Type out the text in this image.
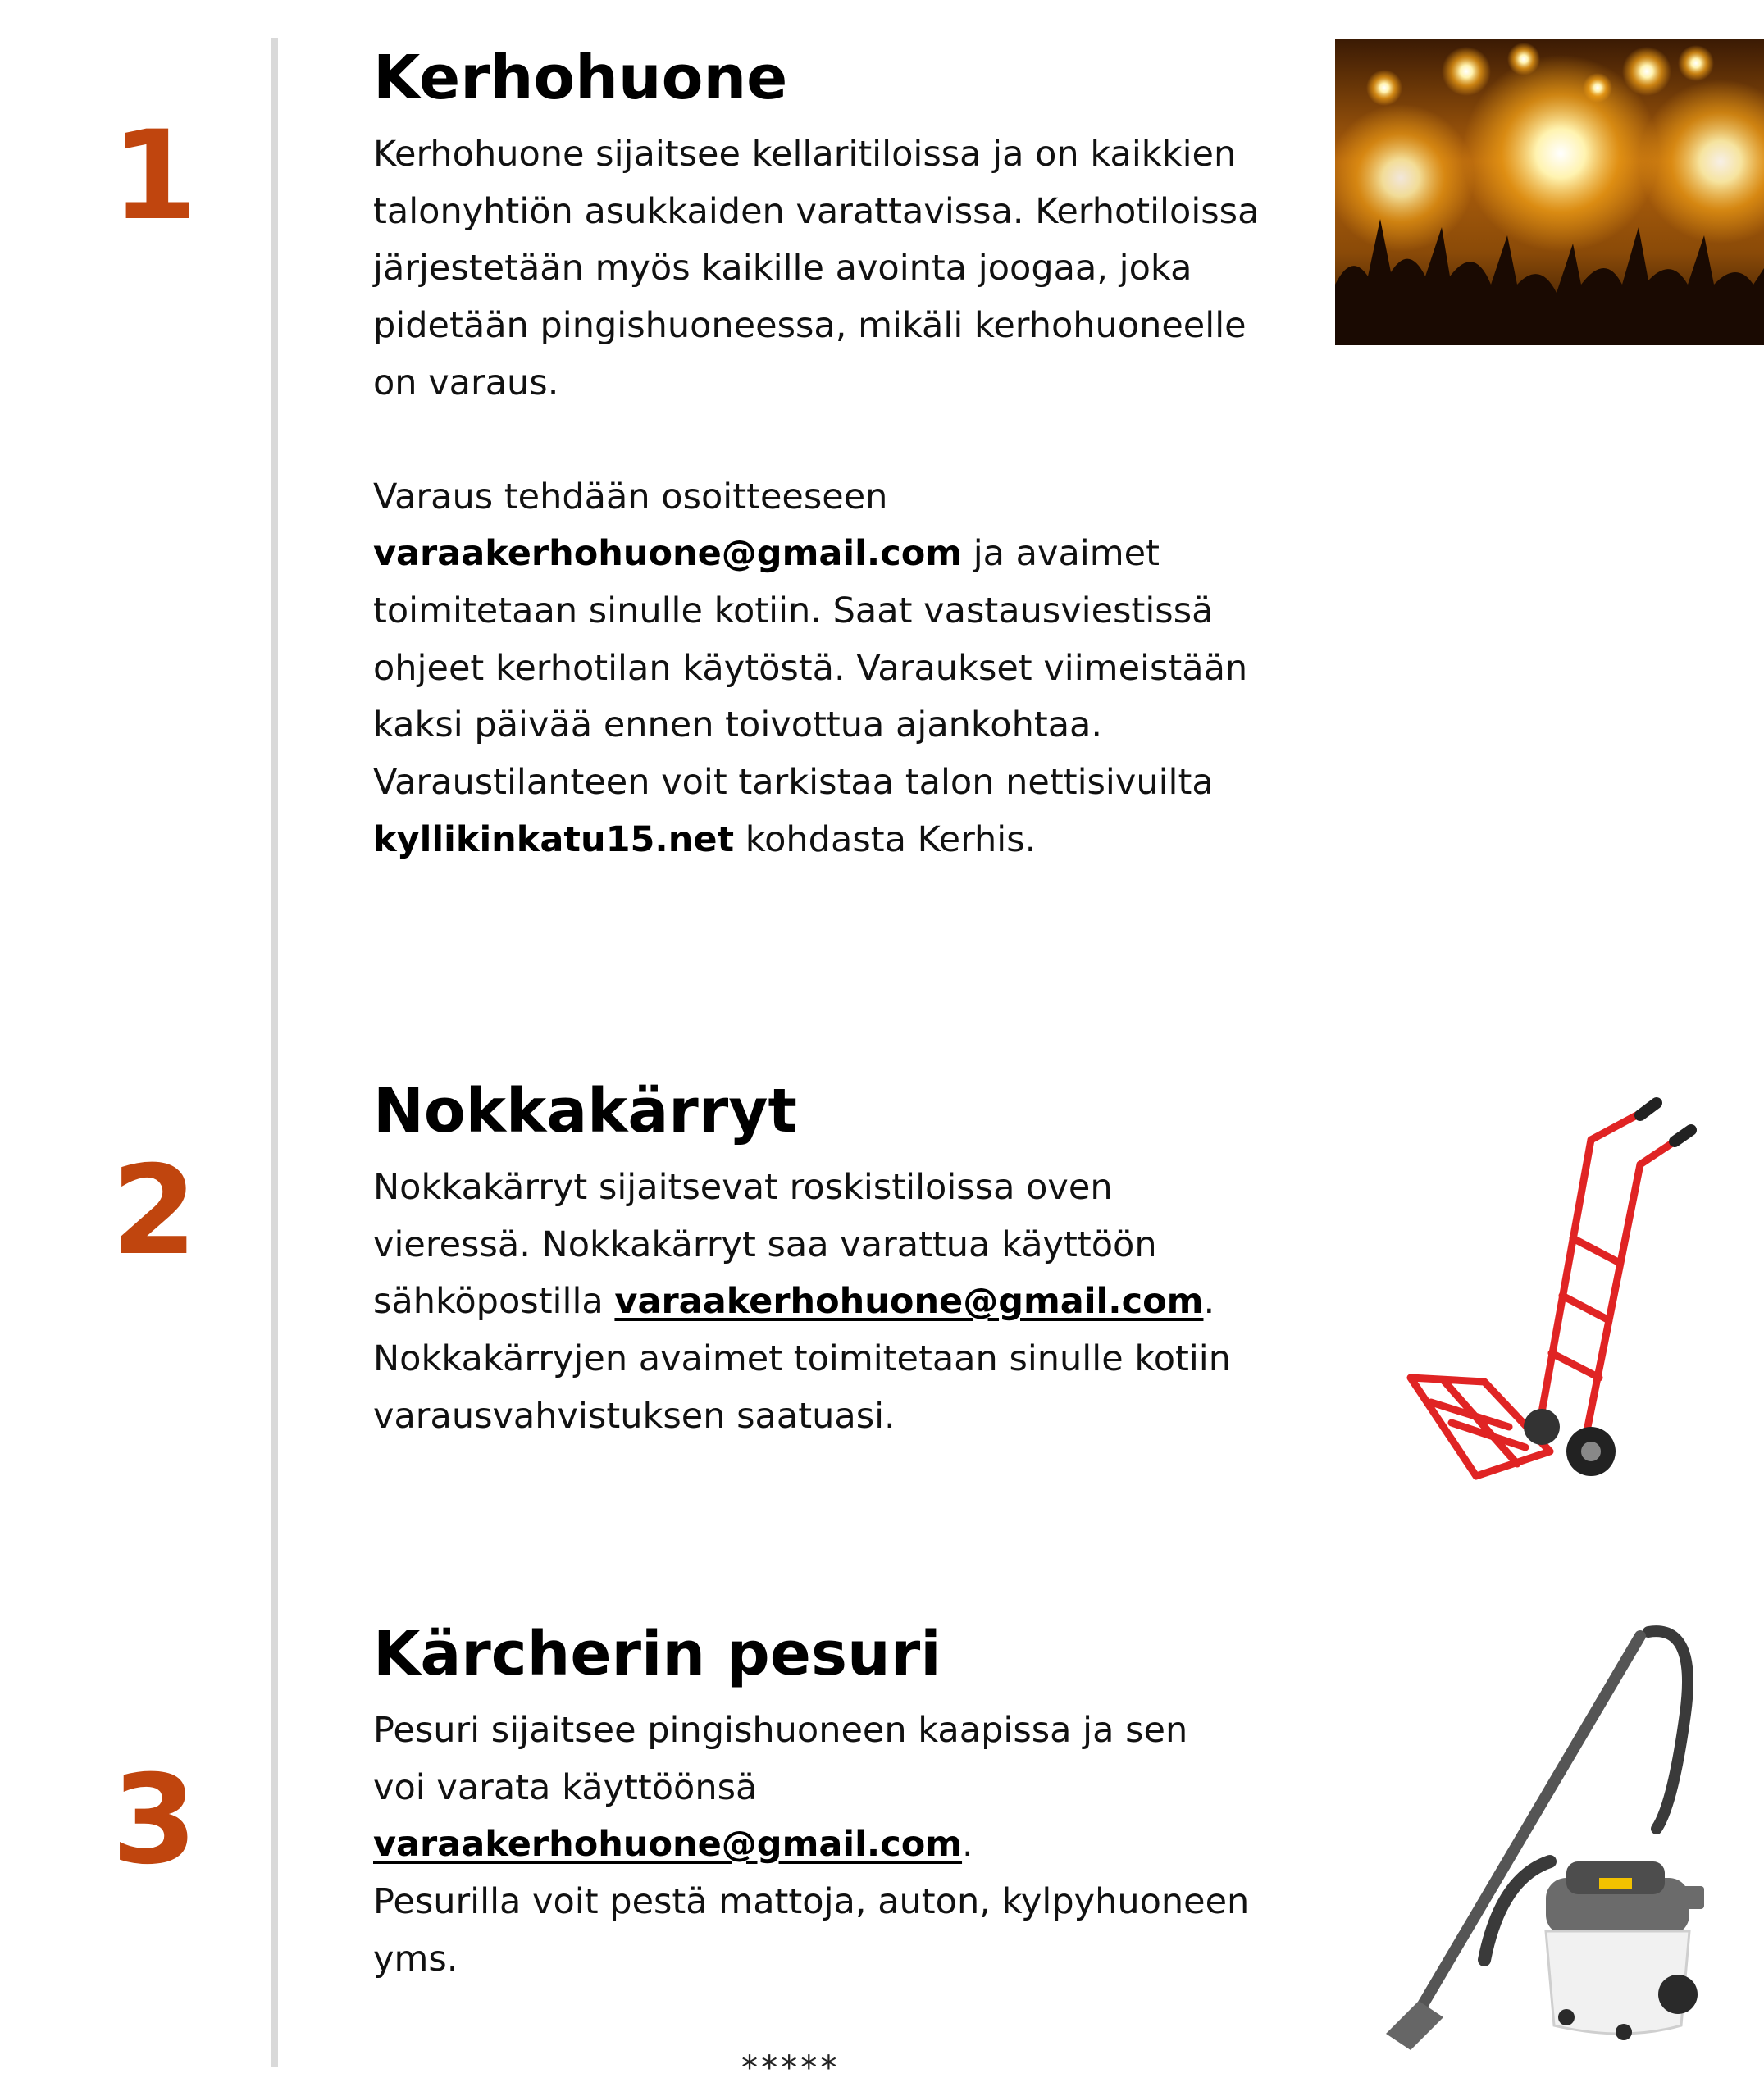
1
Kerhohuone

Kerhohuone sijaitsee kellaritiloissa ja on kaikkien talonyhtiön asukkaiden varattavissa. Kerhotiloissa järjestetään myös kaikille avointa joogaa, joka pidetään pingishuoneessa, mikäli kerhohuoneelle on varaus.

Varaus tehdään osoitteeseen
varaakerhohuone@gmail.com ja avaimet toimitetaan sinulle kotiin. Saat vastausviestissä ohjeet kerhotilan käytöstä. Varaukset viimeistään kaksi päivää ennen toivottua ajankohtaa. Varaustilanteen voit tarkistaa talon nettisivuilta kyllikinkatu15.net kohdasta Kerhis.

2
Nokkakärryt

Nokkakärryt sijaitsevat roskistiloissa oven vieressä. Nokkakärryt saa varattua käyttöön sähköpostilla varaakerhohuone@gmail.com.
Nokkakärryjen avaimet toimitetaan sinulle kotiin varausvahvistuksen saatuasi.

3
Kärcherin pesuri

Pesuri sijaitsee pingishuoneen kaapissa ja sen voi varata käyttöönsä
varaakerhohuone@gmail.com.
Pesurilla voit pestä mattoja, auton, kylpyhuoneen yms.

*****
